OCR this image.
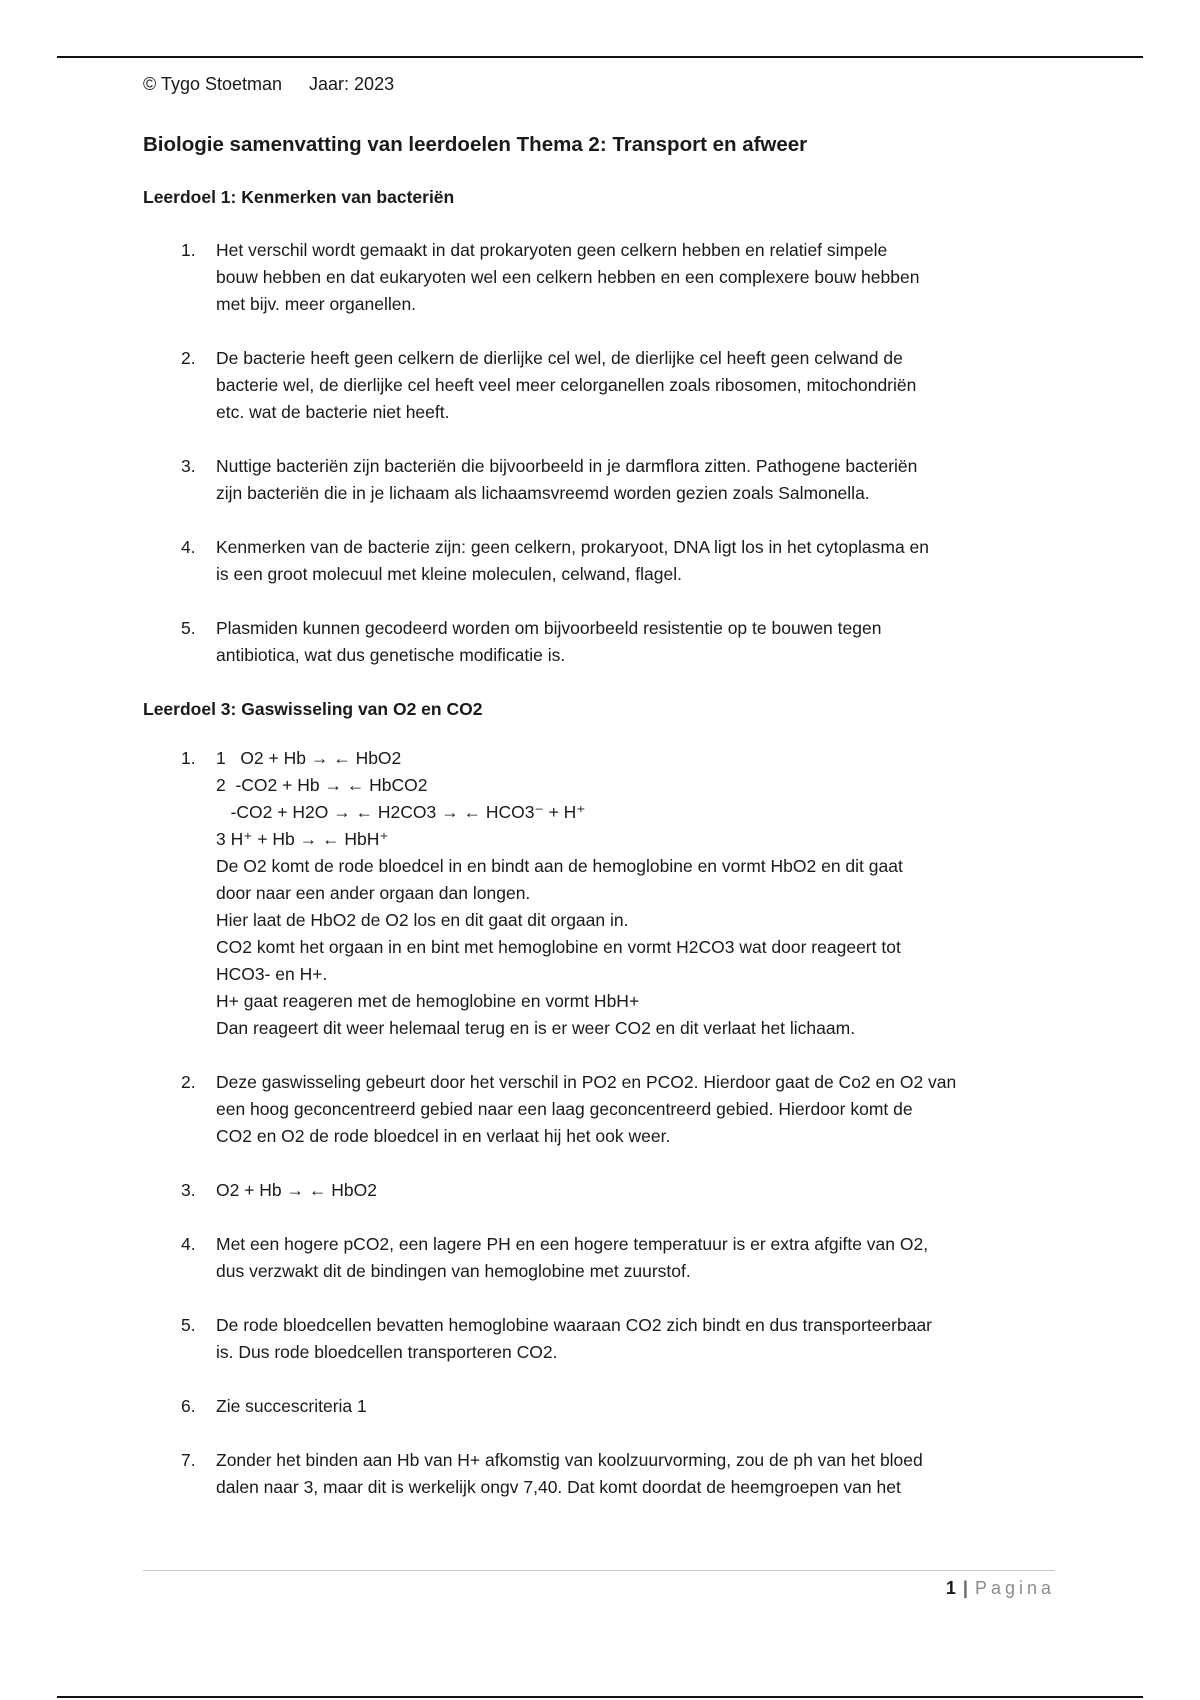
© Tygo Stoetman Jaar: 2023
Biologie samenvatting van leerdoelen Thema 2: Transport en afweer
Leerdoel 1: Kenmerken van bacteriën
1. Het verschil wordt gemaakt in dat prokaryoten geen celkern hebben en relatief simpele
bouw hebben en dat eukaryoten wel een celkern hebben en een complexere bouw hebben
met bijv. meer organellen.
2. De bacterie heeft geen celkern de dierlijke cel wel, de dierlijke cel heeft geen celwand de
bacterie wel, de dierlijke cel heeft veel meer celorganellen zoals ribosomen, mitochondriën
etc. wat de bacterie niet heeft.
3. Nuttige bacteriën zijn bacteriën die bijvoorbeeld in je darmflora zitten. Pathogene bacteriën
zijn bacteriën die in je lichaam als lichaamsvreemd worden gezien zoals Salmonella.
4. Kenmerken van de bacterie zijn: geen celkern, prokaryoot, DNA ligt los in het cytoplasma en
is een groot molecuul met kleine moleculen, celwand, flagel.
5. Plasmiden kunnen gecodeerd worden om bijvoorbeeld resistentie op te bouwen tegen
antibiotica, wat dus genetische modificatie is.
Leerdoel 3: Gaswisseling van O2 en CO2
1. 1   O2 + Hb → ← HbO2
2  -CO2 + Hb → ← HbCO2
-CO2 + H2O → ← H2CO3 → ← HCO3⁻ + H⁺
3 H⁺ + Hb → ← HbH⁺
De O2 komt de rode bloedcel in en bindt aan de hemoglobine en vormt HbO2 en dit gaat
door naar een ander orgaan dan longen.
Hier laat de HbO2 de O2 los en dit gaat dit orgaan in.
CO2 komt het orgaan in en bint met hemoglobine en vormt H2CO3 wat door reageert tot
HCO3- en H+.
H+ gaat reageren met de hemoglobine en vormt HbH+
Dan reageert dit weer helemaal terug en is er weer CO2 en dit verlaat het lichaam.
2. Deze gaswisseling gebeurt door het verschil in PO2 en PCO2. Hierdoor gaat de Co2 en O2 van
een hoog geconcentreerd gebied naar een laag geconcentreerd gebied. Hierdoor komt de
CO2 en O2 de rode bloedcel in en verlaat hij het ook weer.
3. O2 + Hb → ← HbO2
4. Met een hogere pCO2, een lagere PH en een hogere temperatuur is er extra afgifte van O2,
dus verzwakt dit de bindingen van hemoglobine met zuurstof.
5. De rode bloedcellen bevatten hemoglobine waaraan CO2 zich bindt en dus transporteerbaar
is. Dus rode bloedcellen transporteren CO2.
6. Zie succescriteria 1
7. Zonder het binden aan Hb van H+ afkomstig van koolzuurvorming, zou de ph van het bloed
dalen naar 3, maar dit is werkelijk ongv 7,40. Dat komt doordat de heemgroepen van het
1 | Pagina
